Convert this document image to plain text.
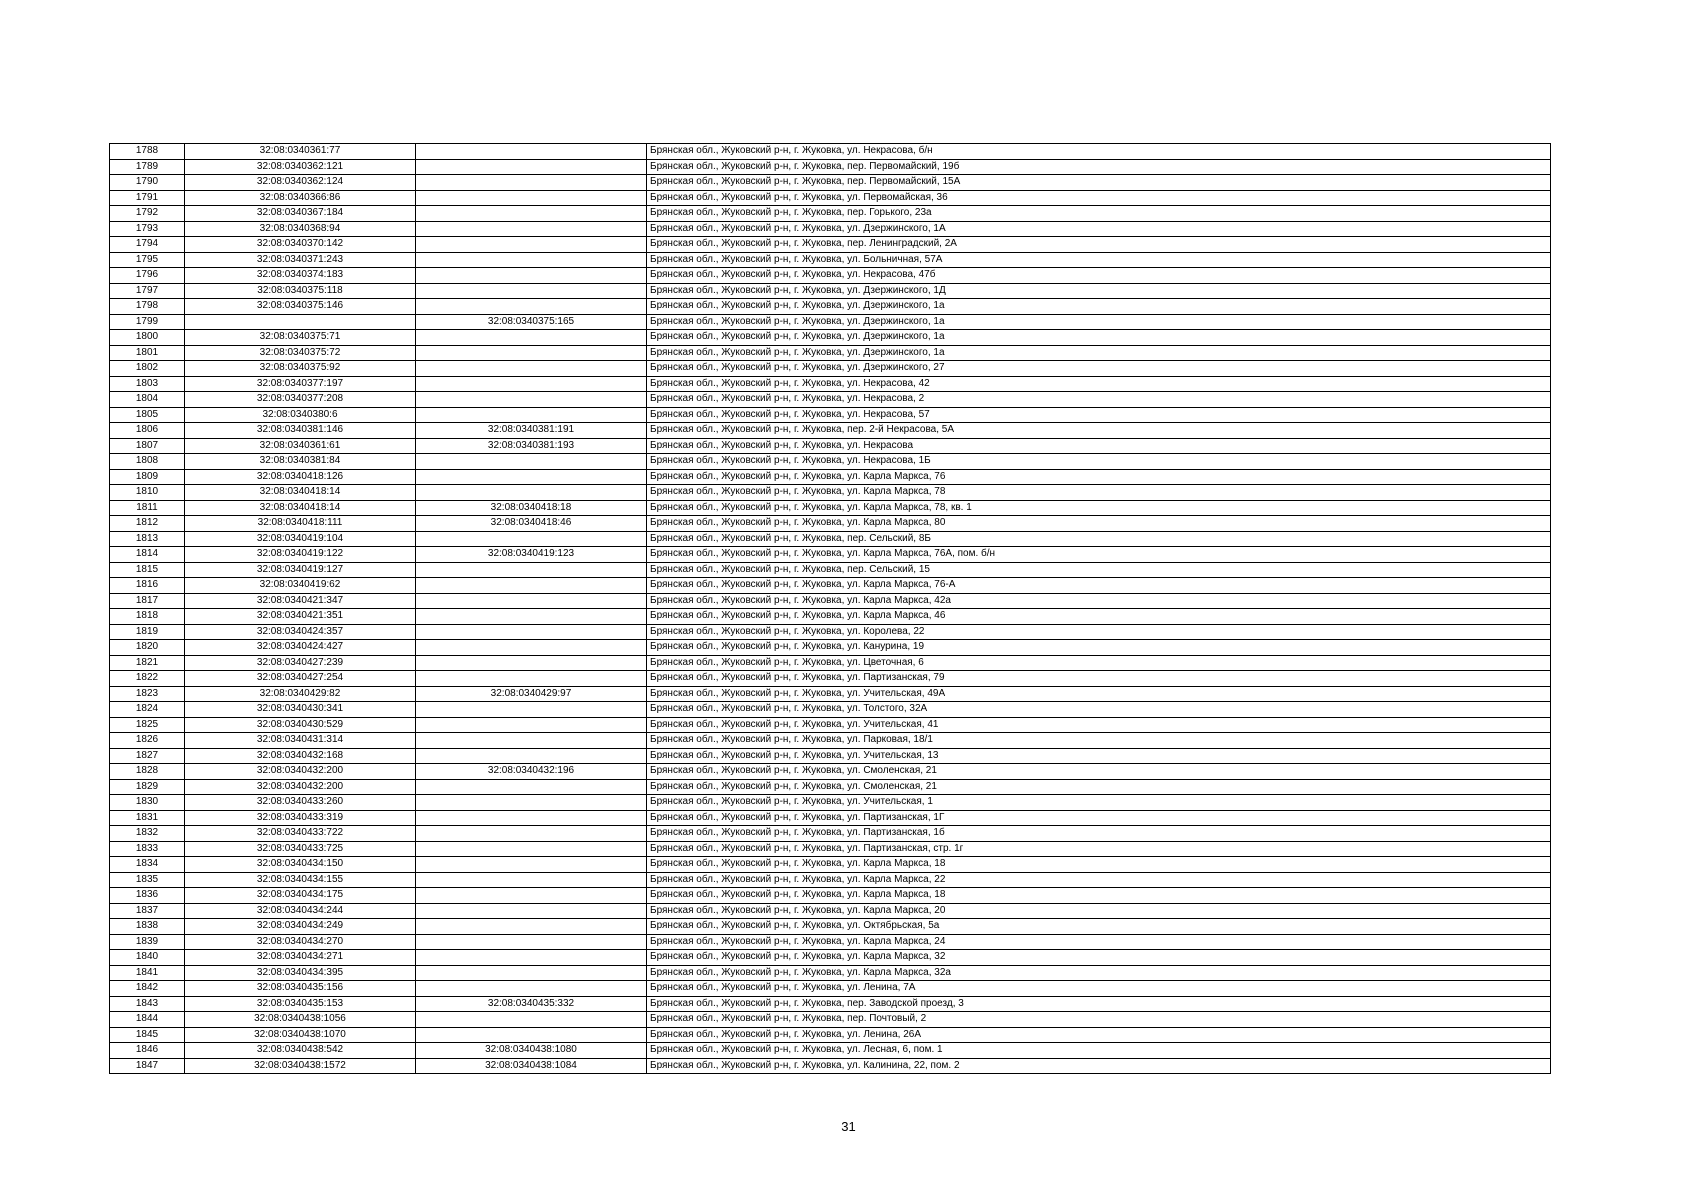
1788	32:08:0340361:77		Брянская обл., Жуковский р-н, г. Жуковка, ул. Некрасова, б/н
1789	32:08:0340362:121		Брянская обл., Жуковский р-н, г. Жуковка, пер. Первомайский, 19б
1790	32:08:0340362:124		Брянская обл., Жуковский р-н, г. Жуковка, пер. Первомайский, 15А
1791	32:08:0340366:86		Брянская обл., Жуковский р-н, г. Жуковка, ул. Первомайская, 36
1792	32:08:0340367:184		Брянская обл., Жуковский р-н, г. Жуковка, пер. Горького, 23а
1793	32:08:0340368:94		Брянская обл., Жуковский р-н, г. Жуковка, ул. Дзержинского, 1А
1794	32:08:0340370:142		Брянская обл., Жуковский р-н, г. Жуковка, пер. Ленинградский, 2А
1795	32:08:0340371:243		Брянская обл., Жуковский р-н, г. Жуковка, ул. Больничная, 57А
1796	32:08:0340374:183		Брянская обл., Жуковский р-н, г. Жуковка, ул. Некрасова, 47б
1797	32:08:0340375:118		Брянская обл., Жуковский р-н, г. Жуковка, ул. Дзержинского, 1Д
1798	32:08:0340375:146		Брянская обл., Жуковский р-н, г. Жуковка, ул. Дзержинского, 1а
1799		32:08:0340375:165	Брянская обл., Жуковский р-н, г. Жуковка, ул. Дзержинского, 1а
1800	32:08:0340375:71		Брянская обл., Жуковский р-н, г. Жуковка, ул. Дзержинского, 1а
1801	32:08:0340375:72		Брянская обл., Жуковский р-н, г. Жуковка, ул. Дзержинского, 1а
1802	32:08:0340375:92		Брянская обл., Жуковский р-н, г. Жуковка, ул. Дзержинского, 27
1803	32:08:0340377:197		Брянская обл., Жуковский р-н, г. Жуковка, ул. Некрасова, 42
1804	32:08:0340377:208		Брянская обл., Жуковский р-н, г. Жуковка, ул. Некрасова, 2
1805	32:08:0340380:6		Брянская обл., Жуковский р-н, г. Жуковка, ул. Некрасова, 57
1806	32:08:0340381:146	32:08:0340381:191	Брянская обл., Жуковский р-н, г. Жуковка, пер. 2-й Некрасова, 5А
1807	32:08:0340361:61	32:08:0340381:193	Брянская обл., Жуковский р-н, г. Жуковка, ул. Некрасова
1808	32:08:0340381:84		Брянская обл., Жуковский р-н, г. Жуковка, ул. Некрасова, 1Б
1809	32:08:0340418:126		Брянская обл., Жуковский р-н, г. Жуковка, ул. Карла Маркса, 76
1810	32:08:0340418:14		Брянская обл., Жуковский р-н, г. Жуковка, ул. Карла Маркса, 78
1811	32:08:0340418:14	32:08:0340418:18	Брянская обл., Жуковский р-н, г. Жуковка, ул. Карла Маркса, 78, кв. 1
1812	32:08:0340418:111	32:08:0340418:46	Брянская обл., Жуковский р-н, г. Жуковка, ул. Карла Маркса, 80
1813	32:08:0340419:104		Брянская обл., Жуковский р-н, г. Жуковка, пер. Сельский, 8Б
1814	32:08:0340419:122	32:08:0340419:123	Брянская обл., Жуковский р-н, г. Жуковка, ул. Карла Маркса, 76А, пом. б/н
1815	32:08:0340419:127		Брянская обл., Жуковский р-н, г. Жуковка, пер. Сельский, 15
1816	32:08:0340419:62		Брянская обл., Жуковский р-н, г. Жуковка, ул. Карла Маркса, 76-А
1817	32:08:0340421:347		Брянская обл., Жуковский р-н, г. Жуковка, ул. Карла Маркса, 42а
1818	32:08:0340421:351		Брянская обл., Жуковский р-н, г. Жуковка, ул. Карла Маркса, 46
1819	32:08:0340424:357		Брянская обл., Жуковский р-н, г. Жуковка, ул. Королева, 22
1820	32:08:0340424:427		Брянская обл., Жуковский р-н, г. Жуковка, ул. Канурина, 19
1821	32:08:0340427:239		Брянская обл., Жуковский р-н, г. Жуковка, ул. Цветочная, 6
1822	32:08:0340427:254		Брянская обл., Жуковский р-н, г. Жуковка, ул. Партизанская, 79
1823	32:08:0340429:82	32:08:0340429:97	Брянская обл., Жуковский р-н, г. Жуковка, ул. Учительская, 49А
1824	32:08:0340430:341		Брянская обл., Жуковский р-н, г. Жуковка, ул. Толстого, 32А
1825	32:08:0340430:529		Брянская обл., Жуковский р-н, г. Жуковка, ул. Учительская, 41
1826	32:08:0340431:314		Брянская обл., Жуковский р-н, г. Жуковка, ул. Парковая, 18/1
1827	32:08:0340432:168		Брянская обл., Жуковский р-н, г. Жуковка, ул. Учительская, 13
1828	32:08:0340432:200	32:08:0340432:196	Брянская обл., Жуковский р-н, г. Жуковка, ул. Смоленская, 21
1829	32:08:0340432:200		Брянская обл., Жуковский р-н, г. Жуковка, ул. Смоленская, 21
1830	32:08:0340433:260		Брянская обл., Жуковский р-н, г. Жуковка, ул. Учительская, 1
1831	32:08:0340433:319		Брянская обл., Жуковский р-н, г. Жуковка, ул. Партизанская, 1Г
1832	32:08:0340433:722		Брянская обл., Жуковский р-н, г. Жуковка, ул. Партизанская, 1б
1833	32:08:0340433:725		Брянская обл., Жуковский р-н, г. Жуковка, ул. Партизанская, стр. 1г
1834	32:08:0340434:150		Брянская обл., Жуковский р-н, г. Жуковка, ул. Карла Маркса, 18
1835	32:08:0340434:155		Брянская обл., Жуковский р-н, г. Жуковка, ул. Карла Маркса, 22
1836	32:08:0340434:175		Брянская обл., Жуковский р-н, г. Жуковка, ул. Карла Маркса, 18
1837	32:08:0340434:244		Брянская обл., Жуковский р-н, г. Жуковка, ул. Карла Маркса, 20
1838	32:08:0340434:249		Брянская обл., Жуковский р-н, г. Жуковка, ул. Октябрьская, 5а
1839	32:08:0340434:270		Брянская обл., Жуковский р-н, г. Жуковка, ул. Карла Маркса, 24
1840	32:08:0340434:271		Брянская обл., Жуковский р-н, г. Жуковка, ул. Карла Маркса, 32
1841	32:08:0340434:395		Брянская обл., Жуковский р-н, г. Жуковка, ул. Карла Маркса, 32а
1842	32:08:0340435:156		Брянская обл., Жуковский р-н, г. Жуковка, ул. Ленина, 7А
1843	32:08:0340435:153	32:08:0340435:332	Брянская обл., Жуковский р-н, г. Жуковка, пер. Заводской проезд, 3
1844	32:08:0340438:1056		Брянская обл., Жуковский р-н, г. Жуковка, пер. Почтовый, 2
1845	32:08:0340438:1070		Брянская обл., Жуковский р-н, г. Жуковка, ул. Ленина, 26А
1846	32:08:0340438:542	32:08:0340438:1080	Брянская обл., Жуковский р-н, г. Жуковка, ул. Лесная, 6, пом. 1
1847	32:08:0340438:1572	32:08:0340438:1084	Брянская обл., Жуковский р-н, г. Жуковка, ул. Калинина, 22, пом. 2
31
